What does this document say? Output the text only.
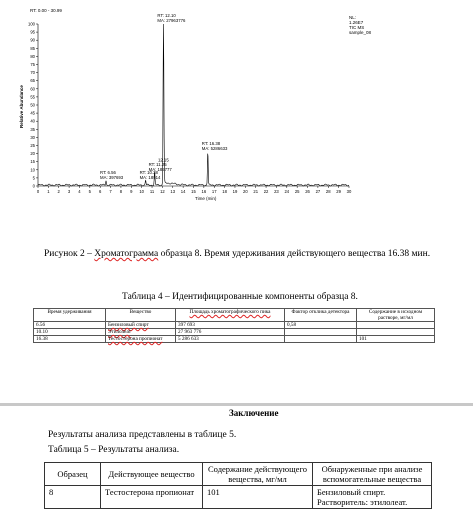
RT: 0.00 - 30.99
NL:
1.26E7
TIC MS
sample_08
Relative Abundance
Time (min)
0
5
10
15
20
25
30
35
40
45
50
55
60
65
70
75
80
85
90
95
100
0 1 2 3 4 5 6 7 8 9 10 11 12 13 14 15 16 17 18 19 20 21 22 23 24 25 26 27 28 29 30
RT: 6.56
MA: 397693
RT: 10.38
MA: 18914
RT: 12.10
MA: 27963776
RT: 11.25
MA: 185777
12.15
RT: 16.38
MA: 5286633
Рисунок 2 – Хроматограмма образца 8. Время удерживания действующего вещества 16.38 мин.
Таблица 4 – Идентифицированные компоненты образца 8.
Время удерживания	Вещество	Площадь хроматографического пика	Фактор отклика детектора	Содержание в исходном растворе, мг/мл
6.56	Бензиловый спирт	397 693	0,58	
10.10	Этилолеат	27 963 776		
16.38	Тестостерона пропионат	5 286 633		101
Заключение
Результаты анализа представлены в таблице 5.
Таблица 5 – Результаты анализа.
Образец	Действующее вещество	Содержание действующего вещества, мг/мл	Обнаруженные при анализе вспомогательные вещества
8	Тестостерона пропионат	101	Бензиловый спирт. Растворитель: этилолеат.
